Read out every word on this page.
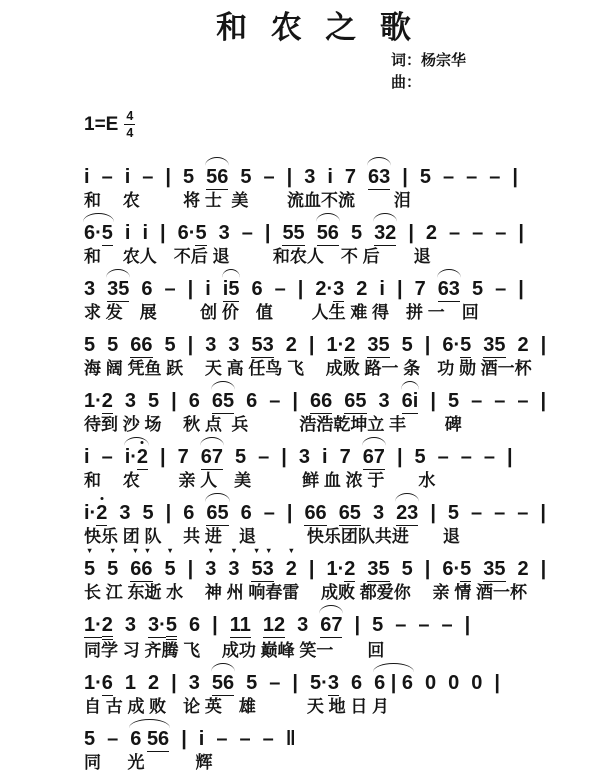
和 农 之 歌
词：杨宗华
曲：
$1=E \frac{4}{4}$
i – i – | 5 56 5 – | 3 i 7 63 | 5 – – – |
和　 农　　  将 士  美　　 流血不流　　 泪
6·5 i i | 6·5 3 – | 55 56 5 32 | 2 – – – |
和　 农人　不后 退　　  和农人　不 后　　退
3 35 6 – | i i5 6 – | 2·3 2 i | 7 63 5 – |
求 发　展　　  创 价　值　　 人生 难 得　拼 一　回
5 5 66 5 | 3 3 53 2 | 1·2 35 5 | 6·5 35 2 |
海 阔 凭鱼 跃　 天 高 任鸟 飞　 成败 路一 条　功 勋 酒一杯
1·2 3 5 | 6 65 6 – | 66 65 3 6i | 5 – – – |
待到 沙 场　 秋 点  兵　　　浩浩乾坤立 丰　　 碑
i – i·2 | 7 67 5 – | 3 i 7 67 | 5 – – – |
和　 农　　 亲 人　美　　　鲜 血 浓 于　　水
i·2 3 5 | 6 65 6 – | 66 65 3 23 | 5 – – – |
快乐 团 队　 共 进　退　　　快乐团队共进　　退
▼
5
▼
5
▼ ▼
66
▼
5 |
▼
3
▼
3
▼ ▼
53
▼
2 | 1·2 35 5 | 6·5 35 2 |
长 江 东逝 水　 神 州 响春雷　 成败 都爱你　 亲 情 酒一杯
1·2 3 3·5 6 | 11 12 3 67 | 5 – – – |
同学 习 齐腾 飞　 成功 巅峰 笑一　　回
1·6 1 2 | 3 56 5 – | 5·3 6 6 | 6 0 0 0 |
自 古 成 败　论 英　雄　　　天 地 日 月
5 – 6 56 | i – – – ‖
同　  光　　　辉
